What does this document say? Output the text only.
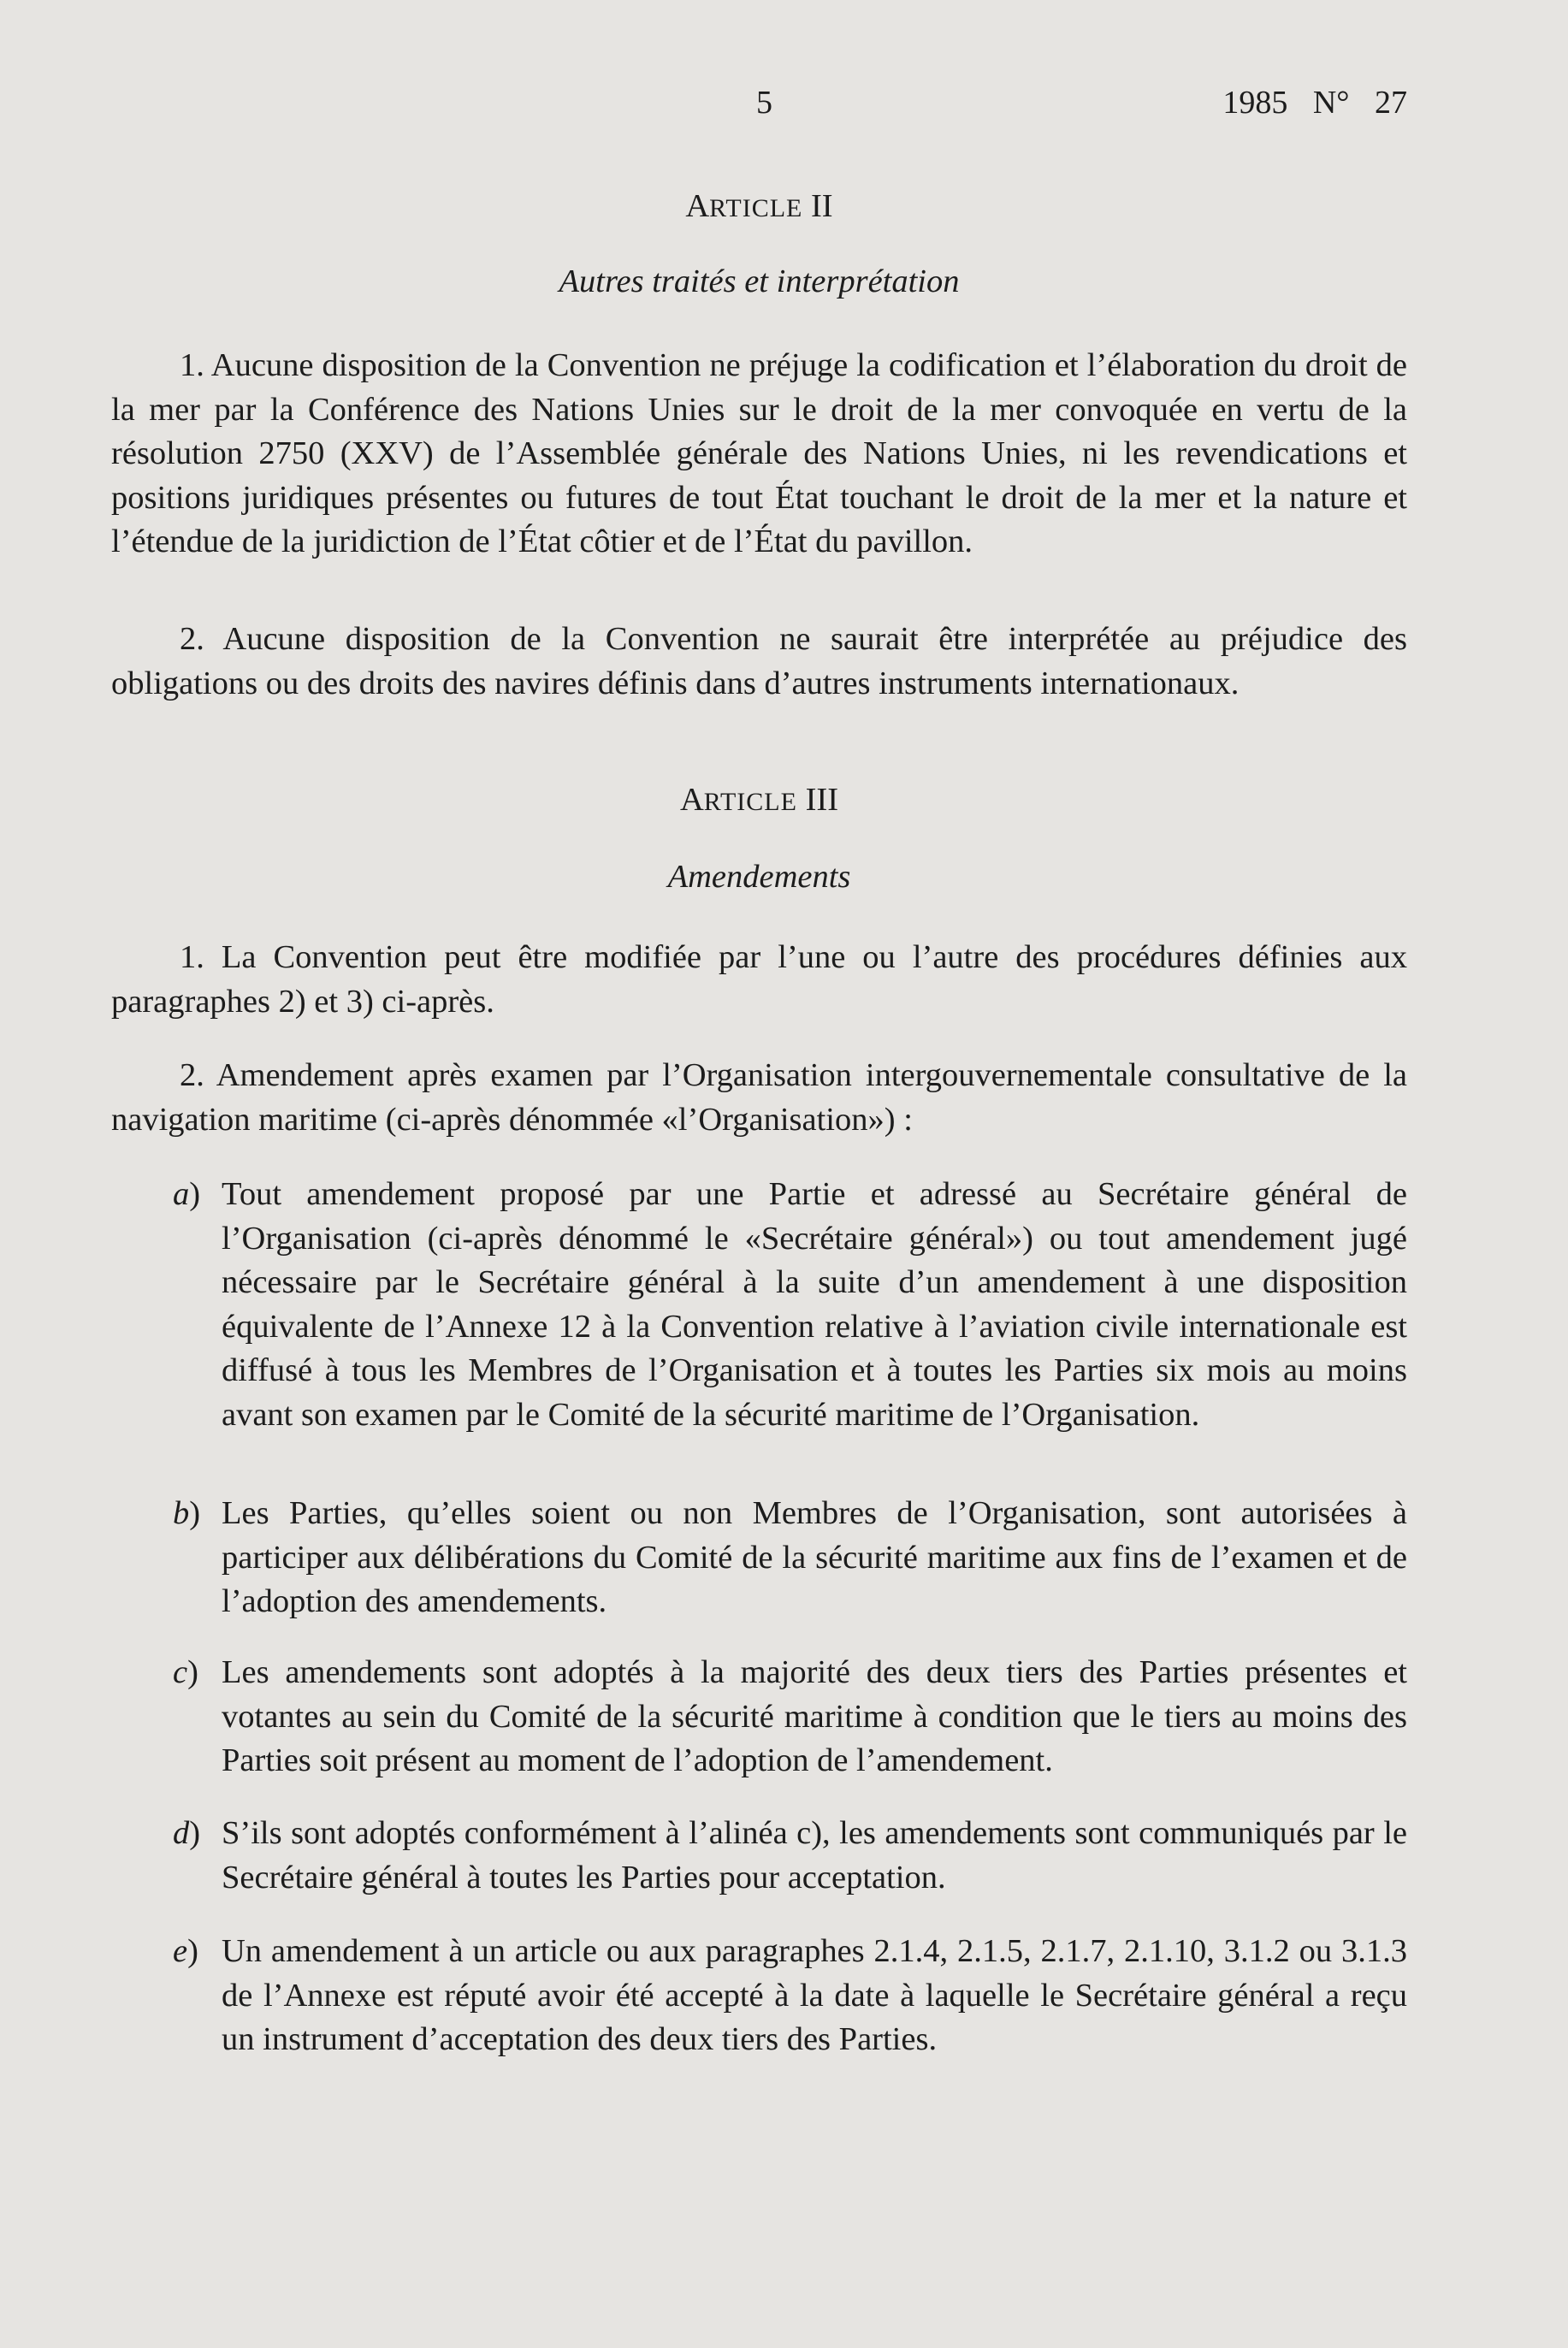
5	1985 N° 27
ARTICLE II
Autres traités et interprétation

1. Aucune disposition de la Convention ne préjuge la codification et l’élaboration du droit de la mer par la Conférence des Nations Unies sur le droit de la mer convoquée en vertu de la résolution 2750 (XXV) de l’Assemblée générale des Nations Unies, ni les revendications et positions juridiques présentes ou futures de tout État touchant le droit de la mer et la nature et l’étendue de la juridiction de l’État côtier et de l’État du pavillon.

2. Aucune disposition de la Convention ne saurait être interprétée au préjudice des obligations ou des droits des navires définis dans d’autres instruments internationaux.

ARTICLE III
Amendements

1. La Convention peut être modifiée par l’une ou l’autre des procédures définies aux paragraphes 2) et 3) ci-après.

2. Amendement après examen par l’Organisation intergouvernementale consultative de la navigation maritime (ci-après dénommée «l’Organisation») :

a) Tout amendement proposé par une Partie et adressé au Secrétaire général de l’Organisation (ci-après dénommé le «Secrétaire général») ou tout amendement jugé nécessaire par le Secrétaire général à la suite d’un amendement à une disposition équivalente de l’Annexe 12 à la Convention relative à l’aviation civile internationale est diffusé à tous les Membres de l’Organisation et à toutes les Parties six mois au moins avant son examen par le Comité de la sécurité maritime de l’Organisation.
b) Les Parties, qu’elles soient ou non Membres de l’Organisation, sont autorisées à participer aux délibérations du Comité de la sécurité maritime aux fins de l’examen et de l’adoption des amendements.
c) Les amendements sont adoptés à la majorité des deux tiers des Parties présentes et votantes au sein du Comité de la sécurité maritime à condition que le tiers au moins des Parties soit présent au moment de l’adoption de l’amendement.
d) S’ils sont adoptés conformément à l’alinéa c), les amendements sont communiqués par le Secrétaire général à toutes les Parties pour acceptation.
e) Un amendement à un article ou aux paragraphes 2.1.4, 2.1.5, 2.1.7, 2.1.10, 3.1.2 ou 3.1.3 de l’Annexe est réputé avoir été accepté à la date à laquelle le Secrétaire général a reçu un instrument d’acceptation des deux tiers des Parties.
